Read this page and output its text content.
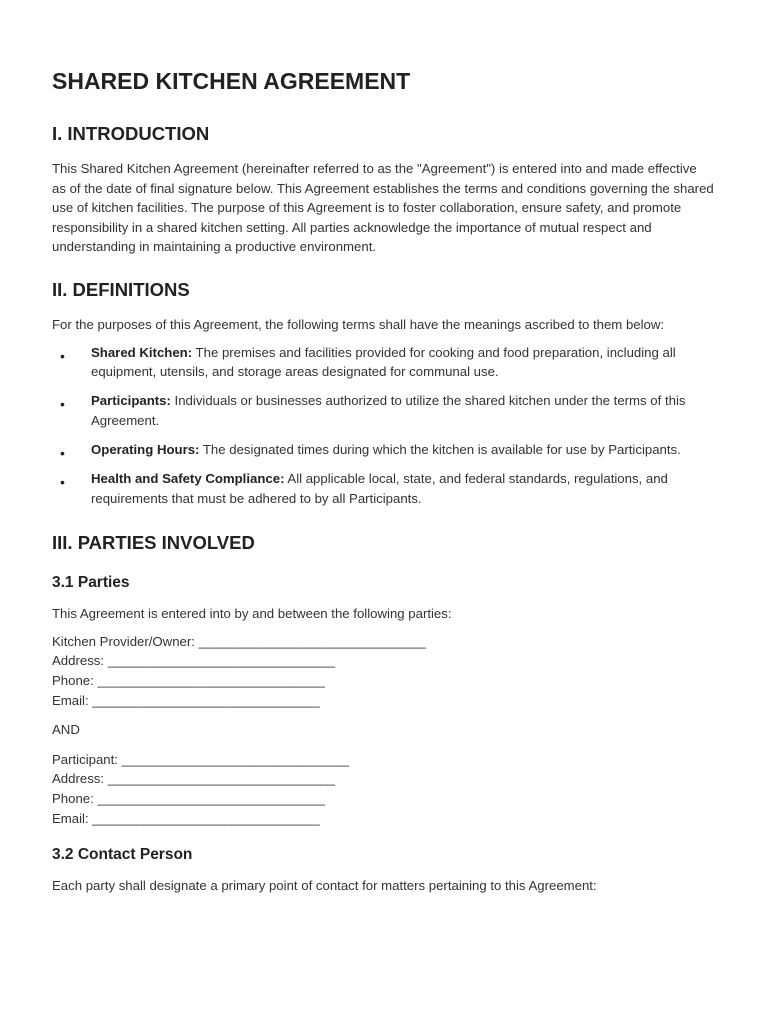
SHARED KITCHEN AGREEMENT
I. INTRODUCTION

This Shared Kitchen Agreement (hereinafter referred to as the "Agreement") is entered into and made effective as of the date of final signature below. This Agreement establishes the terms and conditions governing the shared use of kitchen facilities. The purpose of this Agreement is to foster collaboration, ensure safety, and promote responsibility in a shared kitchen setting. All parties acknowledge the importance of mutual respect and understanding in maintaining a productive environment.

II. DEFINITIONS

For the purposes of this Agreement, the following terms shall have the meanings ascribed to them below:

• Shared Kitchen: The premises and facilities provided for cooking and food preparation, including all equipment, utensils, and storage areas designated for communal use.
• Participants: Individuals or businesses authorized to utilize the shared kitchen under the terms of this Agreement.
• Operating Hours: The designated times during which the kitchen is available for use by Participants.
• Health and Safety Compliance: All applicable local, state, and federal standards, regulations, and requirements that must be adhered to by all Participants.
III. PARTIES INVOLVED
3.1 Parties

This Agreement is entered into by and between the following parties:

Kitchen Provider/Owner: _______________________________

Address: _______________________________

Phone: _______________________________

Email: _______________________________

AND

Participant: _______________________________

Address: _______________________________

Phone: _______________________________

Email: _______________________________

3.2 Contact Person

Each party shall designate a primary point of contact for matters pertaining to this Agreement:
